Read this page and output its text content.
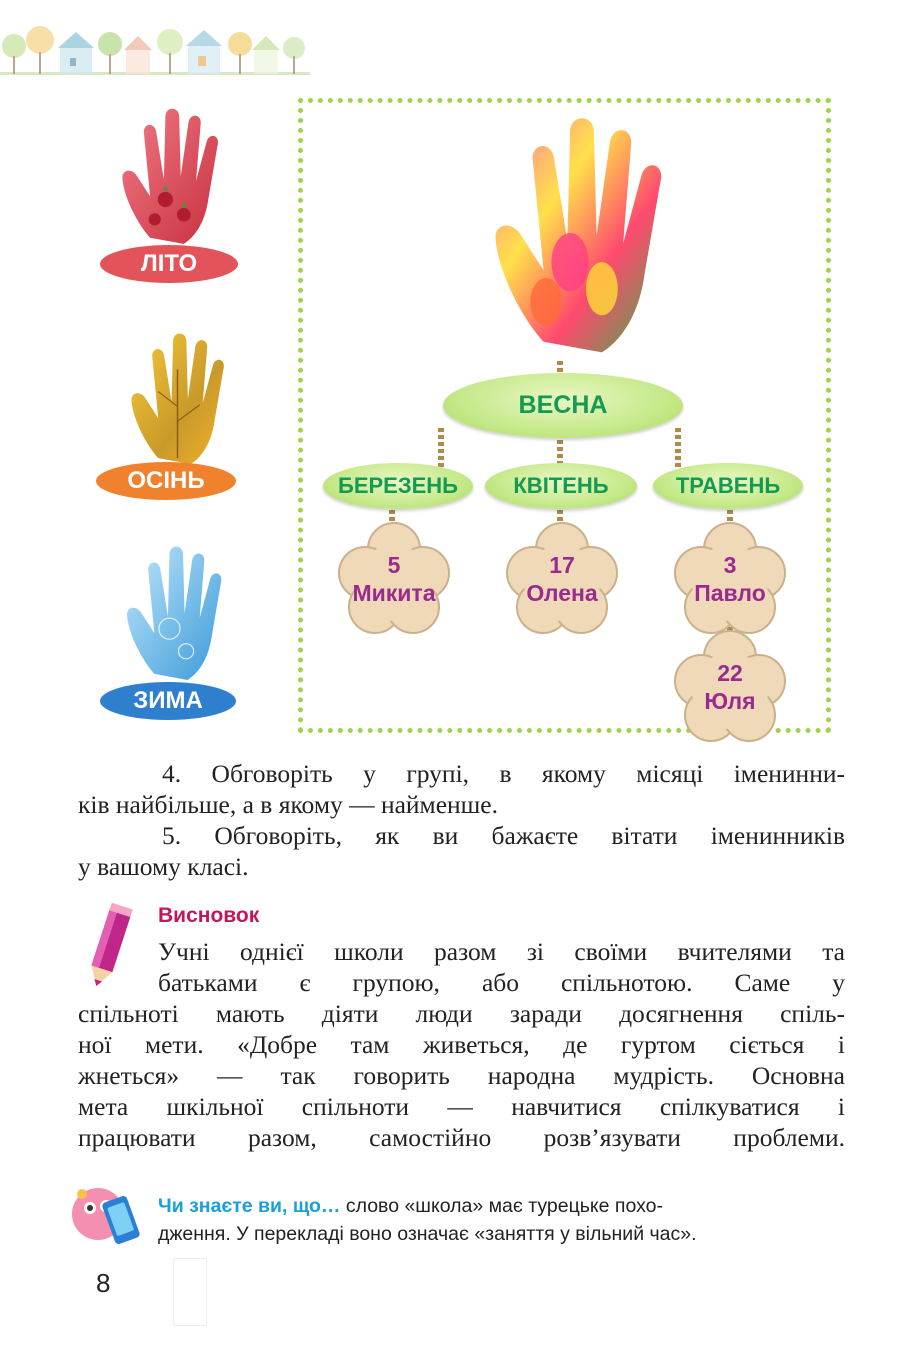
ЛІТО
ОСІНЬ
ЗИМА
ВЕСНА
БЕРЕЗЕНЬ	КВІТЕНЬ	ТРАВЕНЬ
5
Микита
17
Олена
3
Павло
22
Юля
4. Обговоріть у групі, в якому місяці іменинни-
ків найбільше, а в якому — найменше.
5. Обговоріть, як ви бажаєте вітати іменинників
у вашому класі.
Висновок
Учні однієї школи разом зі своїми вчителями та
батьками є групою, або спільнотою. Саме у
спільноті мають діяти люди заради досягнення спіль-
ної мети. «Добре там живеться, де гуртом сіється і
жнеться» — так говорить народна мудрість. Основна
мета шкільної спільноти — навчитися спілкуватися і
працювати разом, самостійно розв’язувати проблеми.
Чи знаєте ви, що… слово «школа» має турецьке похо-
дження. У перекладі воно означає «заняття у вільний час».
8
